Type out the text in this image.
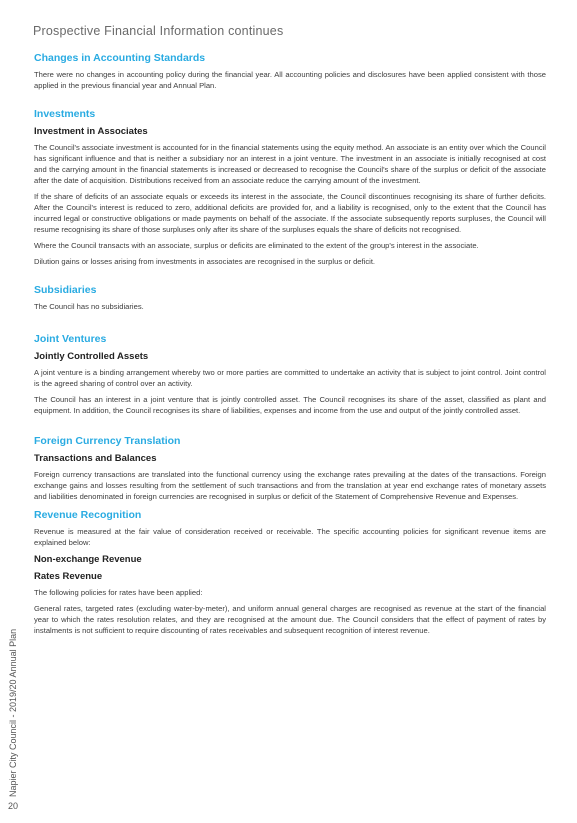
Prospective Financial Information continues
Changes in Accounting Standards

There were no changes in accounting policy during the financial year. All accounting policies and disclosures have been applied consistent with those applied in the previous financial year and Annual Plan.

Investments
Investment in Associates

The Council's associate investment is accounted for in the financial statements using the equity method. An associate is an entity over which the Council has significant influence and that is neither a subsidiary nor an interest in a joint venture. The investment in an associate is initially recognised at cost and the carrying amount in the financial statements is increased or decreased to recognise the Council's share of the surplus or deficit of the associate after the date of acquisition. Distributions received from an associate reduce the carrying amount of the investment.

If the share of deficits of an associate equals or exceeds its interest in the associate, the Council discontinues recognising its share of further deficits. After the Council's interest is reduced to zero, additional deficits are provided for, and a liability is recognised, only to the extent that the Council has incurred legal or constructive obligations or made payments on behalf of the associate. If the associate subsequently reports surpluses, the Council will resume recognising its share of those surpluses only after its share of the surpluses equals the share of deficits not recognised.

Where the Council transacts with an associate, surplus or deficits are eliminated to the extent of the group's interest in the associate.

Dilution gains or losses arising from investments in associates are recognised in the surplus or deficit.

Subsidiaries

The Council has no subsidiaries.

Joint Ventures
Jointly Controlled Assets

A joint venture is a binding arrangement whereby two or more parties are committed to undertake an activity that is subject to joint control. Joint control is the agreed sharing of control over an activity.

The Council has an interest in a joint venture that is jointly controlled asset. The Council recognises its share of the asset, classified as plant and equipment. In addition, the Council recognises its share of liabilities, expenses and income from the use and output of the jointly controlled asset.

Foreign Currency Translation
Transactions and Balances

Foreign currency transactions are translated into the functional currency using the exchange rates prevailing at the dates of the transactions. Foreign exchange gains and losses resulting from the settlement of such transactions and from the translation at year end exchange rates of monetary assets and liabilities denominated in foreign currencies are recognised in surplus or deficit of the Statement of Comprehensive Revenue and Expenses.

Revenue Recognition

Revenue is measured at the fair value of consideration received or receivable. The specific accounting policies for significant revenue items are explained below:

Non-exchange Revenue
Rates Revenue

The following policies for rates have been applied:

General rates, targeted rates (excluding water-by-meter), and uniform annual general charges are recognised as revenue at the start of the financial year to which the rates resolution relates, and they are recognised at the amount due. The Council considers that the effect of payment of rates by instalments is not sufficient to require discounting of rates receivables and subsequent recognition of interest revenue.

Napier City Council - 2019/20 Annual Plan

20
